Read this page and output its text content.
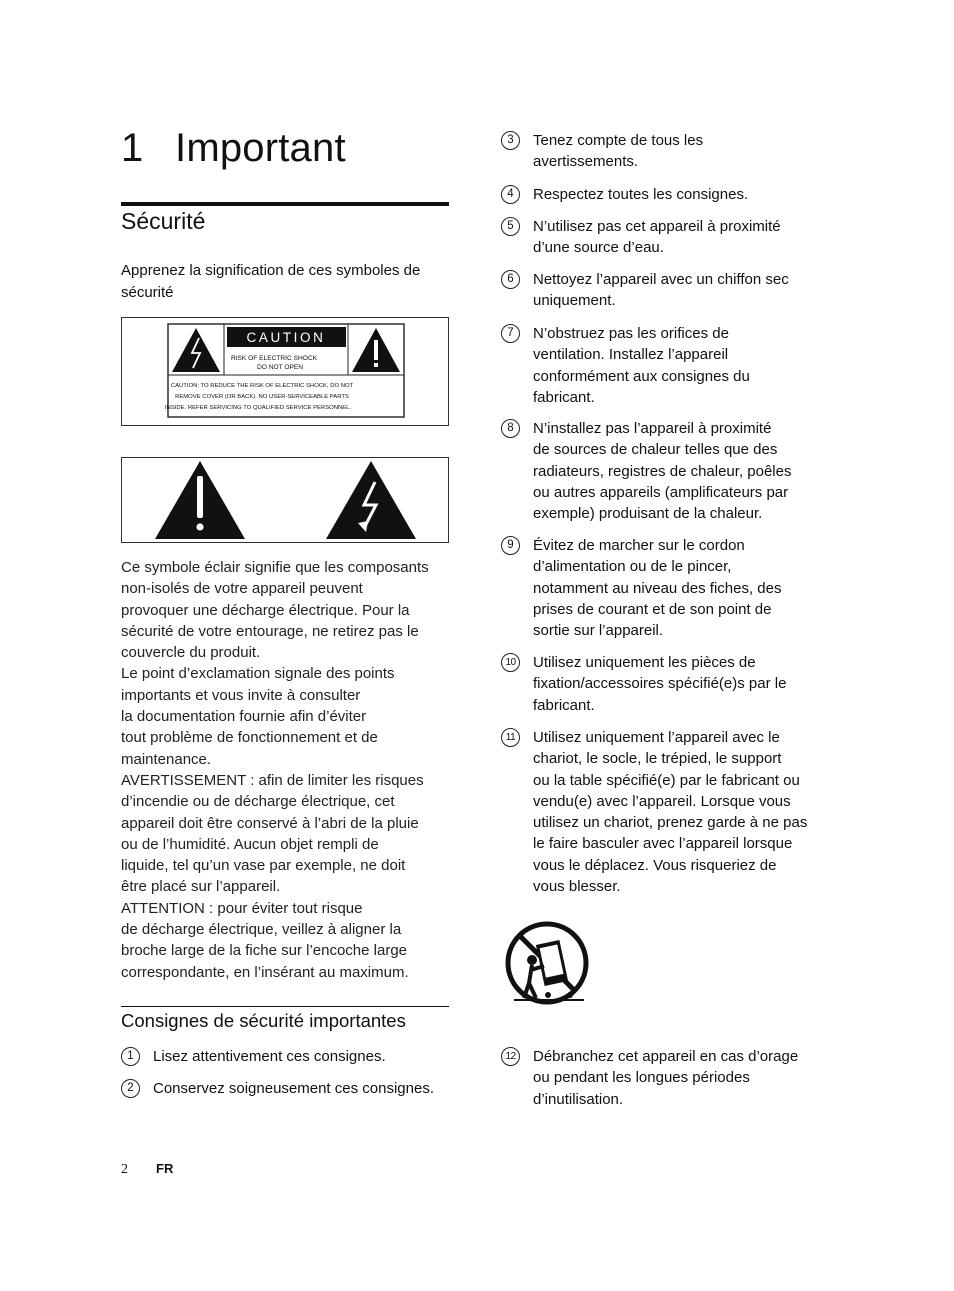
1 Important
Sécurité

Apprenez la signification de ces symboles de sécurité

CAUTION
RISK OF ELECTRIC SHOCK
DO NOT OPEN
CAUTION: TO REDUCE THE RISK OF ELECTRIC SHOCK, DO NOT
REMOVE COVER (OR BACK). NO USER-SERVICEABLE PARTS
INSIDE. REFER SERVICING TO QUALIFIED SERVICE PERSONNEL.
Ce symbole éclair signifie que les composants
non-isolés de votre appareil peuvent
provoquer une décharge électrique. Pour la
sécurité de votre entourage, ne retirez pas le
couvercle du produit.
Le point d’exclamation signale des points
importants et vous invite à consulter
la documentation fournie afin d’éviter
tout problème de fonctionnement et de
maintenance.
AVERTISSEMENT : afin de limiter les risques
d’incendie ou de décharge électrique, cet
appareil doit être conservé à l’abri de la pluie
ou de l’humidité. Aucun objet rempli de
liquide, tel qu’un vase par exemple, ne doit
être placé sur l’appareil.
ATTENTION : pour éviter tout risque
de décharge électrique, veillez à aligner la
broche large de la fiche sur l’encoche large
correspondante, en l’insérant au maximum.
Consignes de sécurité importantes
1	Lisez attentivement ces consignes.
2	Conservez soigneusement ces consignes.
3	Tenez compte de tous les
avertissements.
4	Respectez toutes les consignes.
5	N’utilisez pas cet appareil à proximité
d’une source d’eau.
6	Nettoyez l’appareil avec un chiffon sec
uniquement.
7	N’obstruez pas les orifices de
ventilation. Installez l’appareil
conformément aux consignes du
fabricant.
8	N’installez pas l’appareil à proximité
de sources de chaleur telles que des
radiateurs, registres de chaleur, poêles
ou autres appareils (amplificateurs par
exemple) produisant de la chaleur.
9	Évitez de marcher sur le cordon
d’alimentation ou de le pincer,
notamment au niveau des fiches, des
prises de courant et de son point de
sortie sur l’appareil.
10 Utilisez uniquement les pièces de
fixation/accessoires spécifié(e)s par le
fabricant.
11	Utilisez uniquement l’appareil avec le
chariot, le socle, le trépied, le support
ou la table spécifié(e) par le fabricant ou
vendu(e) avec l’appareil. Lorsque vous
utilisez un chariot, prenez garde à ne pas
le faire basculer avec l’appareil lorsque
vous le déplacez. Vous risqueriez de
vous blesser.
12 Débranchez cet appareil en cas d’orage
ou pendant les longues périodes
d’inutilisation.
2 FR
